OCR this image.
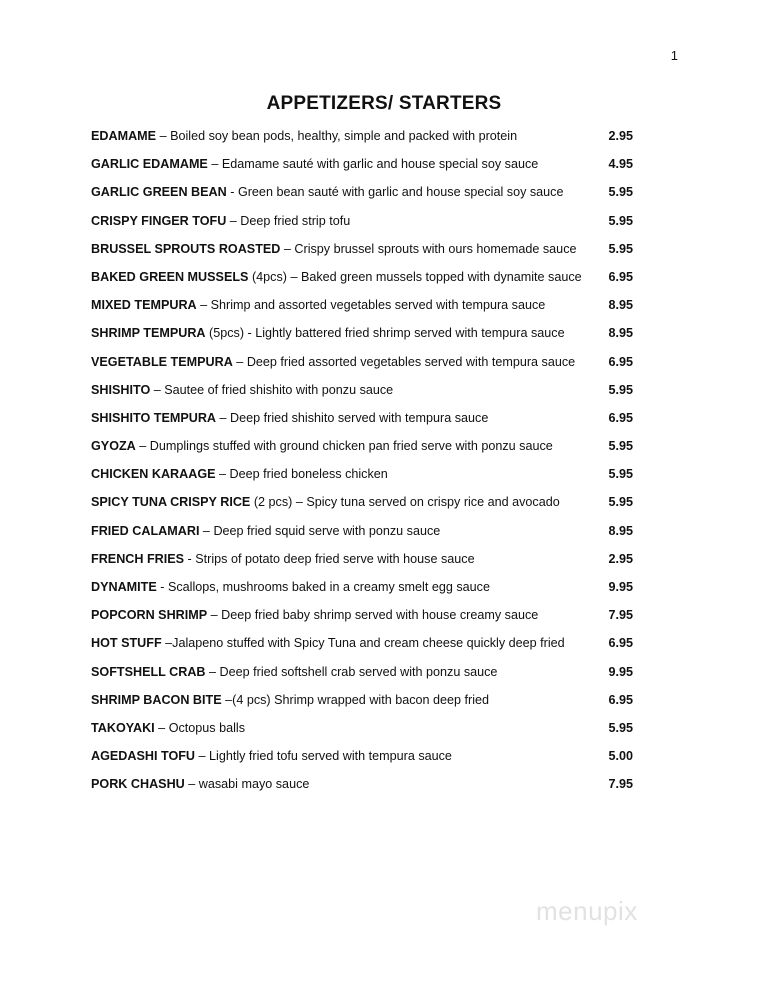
1
APPETIZERS/ STARTERS
EDAMAME – Boiled soy bean pods, healthy, simple and packed with protein	2.95
GARLIC EDAMAME – Edamame sauté with garlic and house special soy sauce	4.95
GARLIC GREEN BEAN - Green bean sauté with garlic and house special soy sauce	5.95
CRISPY FINGER TOFU – Deep fried strip tofu	5.95
BRUSSEL SPROUTS ROASTED – Crispy brussel sprouts with ours homemade sauce	5.95
BAKED GREEN MUSSELS (4pcs) – Baked green mussels topped with dynamite sauce 6.95
MIXED TEMPURA – Shrimp and assorted vegetables served with tempura sauce	8.95
SHRIMP TEMPURA (5pcs) - Lightly battered fried shrimp served with tempura sauce	8.95
VEGETABLE TEMPURA – Deep fried assorted vegetables served with tempura sauce	6.95
SHISHITO – Sautee of fried shishito with ponzu sauce	5.95
SHISHITO TEMPURA – Deep fried shishito served with tempura sauce	6.95
GYOZA – Dumplings stuffed with ground chicken pan fried serve with ponzu sauce	5.95
CHICKEN KARAAGE – Deep fried boneless chicken	5.95
SPICY TUNA CRISPY RICE (2 pcs) – Spicy tuna served on crispy rice and avocado	5.95
FRIED CALAMARI – Deep fried squid serve with ponzu sauce	8.95
FRENCH FRIES - Strips of potato deep fried serve with house sauce	2.95
DYNAMITE - Scallops, mushrooms baked in a creamy smelt egg sauce	9.95
POPCORN SHRIMP – Deep fried baby shrimp served with house creamy sauce	7.95
HOT STUFF –Jalapeno stuffed with Spicy Tuna and cream cheese quickly deep fried	6.95
SOFTSHELL CRAB – Deep fried softshell crab served with ponzu sauce	9.95
SHRIMP BACON BITE –(4 pcs) Shrimp wrapped with bacon deep fried	6.95
TAKOYAKI – Octopus balls	5.95
AGEDASHI TOFU – Lightly fried tofu served with tempura sauce	5.00
PORK CHASHU – wasabi mayo sauce	7.95
menupix
